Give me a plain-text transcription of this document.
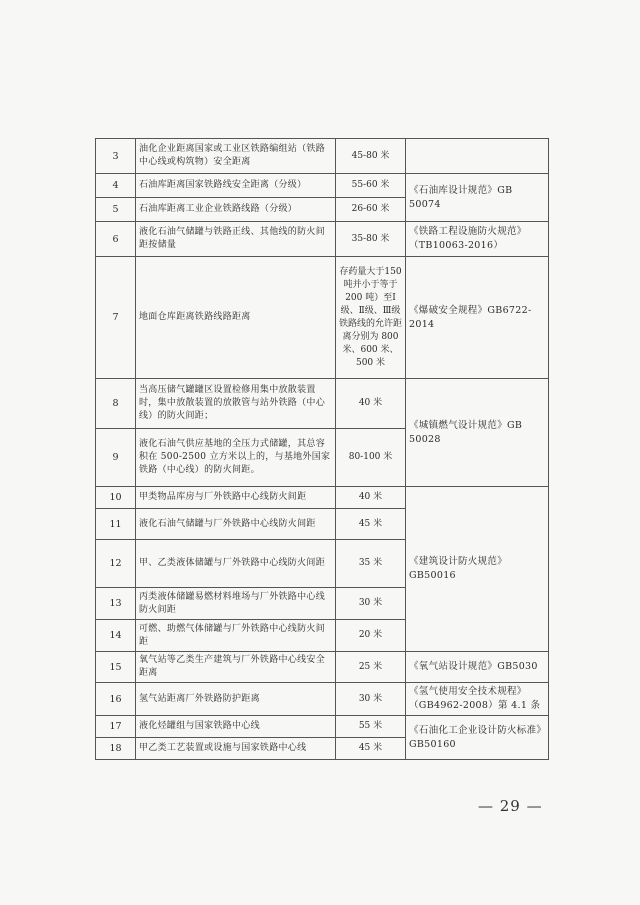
3	油化企业距离国家或工业区铁路编组站（铁路中心线或构筑物）安全距离	45-80 米	
4	石油库距离国家铁路线安全距离（分级）	55-60 米	《石油库设计规范》GB 50074
5	石油库距离工业企业铁路线路（分级）	26-60 米	
6	液化石油气储罐与铁路正线、其他线的防火间距按储量	35-80 米	《铁路工程设施防火规范》（TB10063-2016）
7	地面仓库距离铁路线路距离	存药量大于150 吨并小于等于 200 吨）至Ⅰ级、Ⅱ级、Ⅲ级铁路线的允许距离分别为 800 米、600 米、500 米	《爆破安全规程》GB6722-2014
8	当高压储气罐罐区设置检修用集中放散装置时，集中放散装置的放散管与站外铁路（中心线）的防火间距；	40 米	《城镇燃气设计规范》GB 50028
9	液化石油气供应基地的全压力式储罐，其总容积在 500-2500 立方米以上的，与基地外国家铁路（中心线）的防火间距。	80-100 米	
10	甲类物品库房与厂外铁路中心线防火间距	40 米	《建筑设计防火规范》GB50016
11	液化石油气储罐与厂外铁路中心线防火间距	45 米	
12	甲、乙类液体储罐与厂外铁路中心线防火间距	35 米	
13	丙类液体储罐易燃材料堆场与厂外铁路中心线防火间距	30 米	
14	可燃、助燃气体储罐与厂外铁路中心线防火间距	20 米	
15	氧气站等乙类生产建筑与厂外铁路中心线安全距离	25 米	《氧气站设计规范》GB5030
16	氢气站距离厂外铁路防护距离	30 米	《氢气使用安全技术规程》（GB4962-2008）第 4.1 条
17	液化烃罐组与国家铁路中心线	55 米	《石油化工企业设计防火标准》GB50160
18	甲乙类工艺装置或设施与国家铁路中心线	45 米	
— 29 —
